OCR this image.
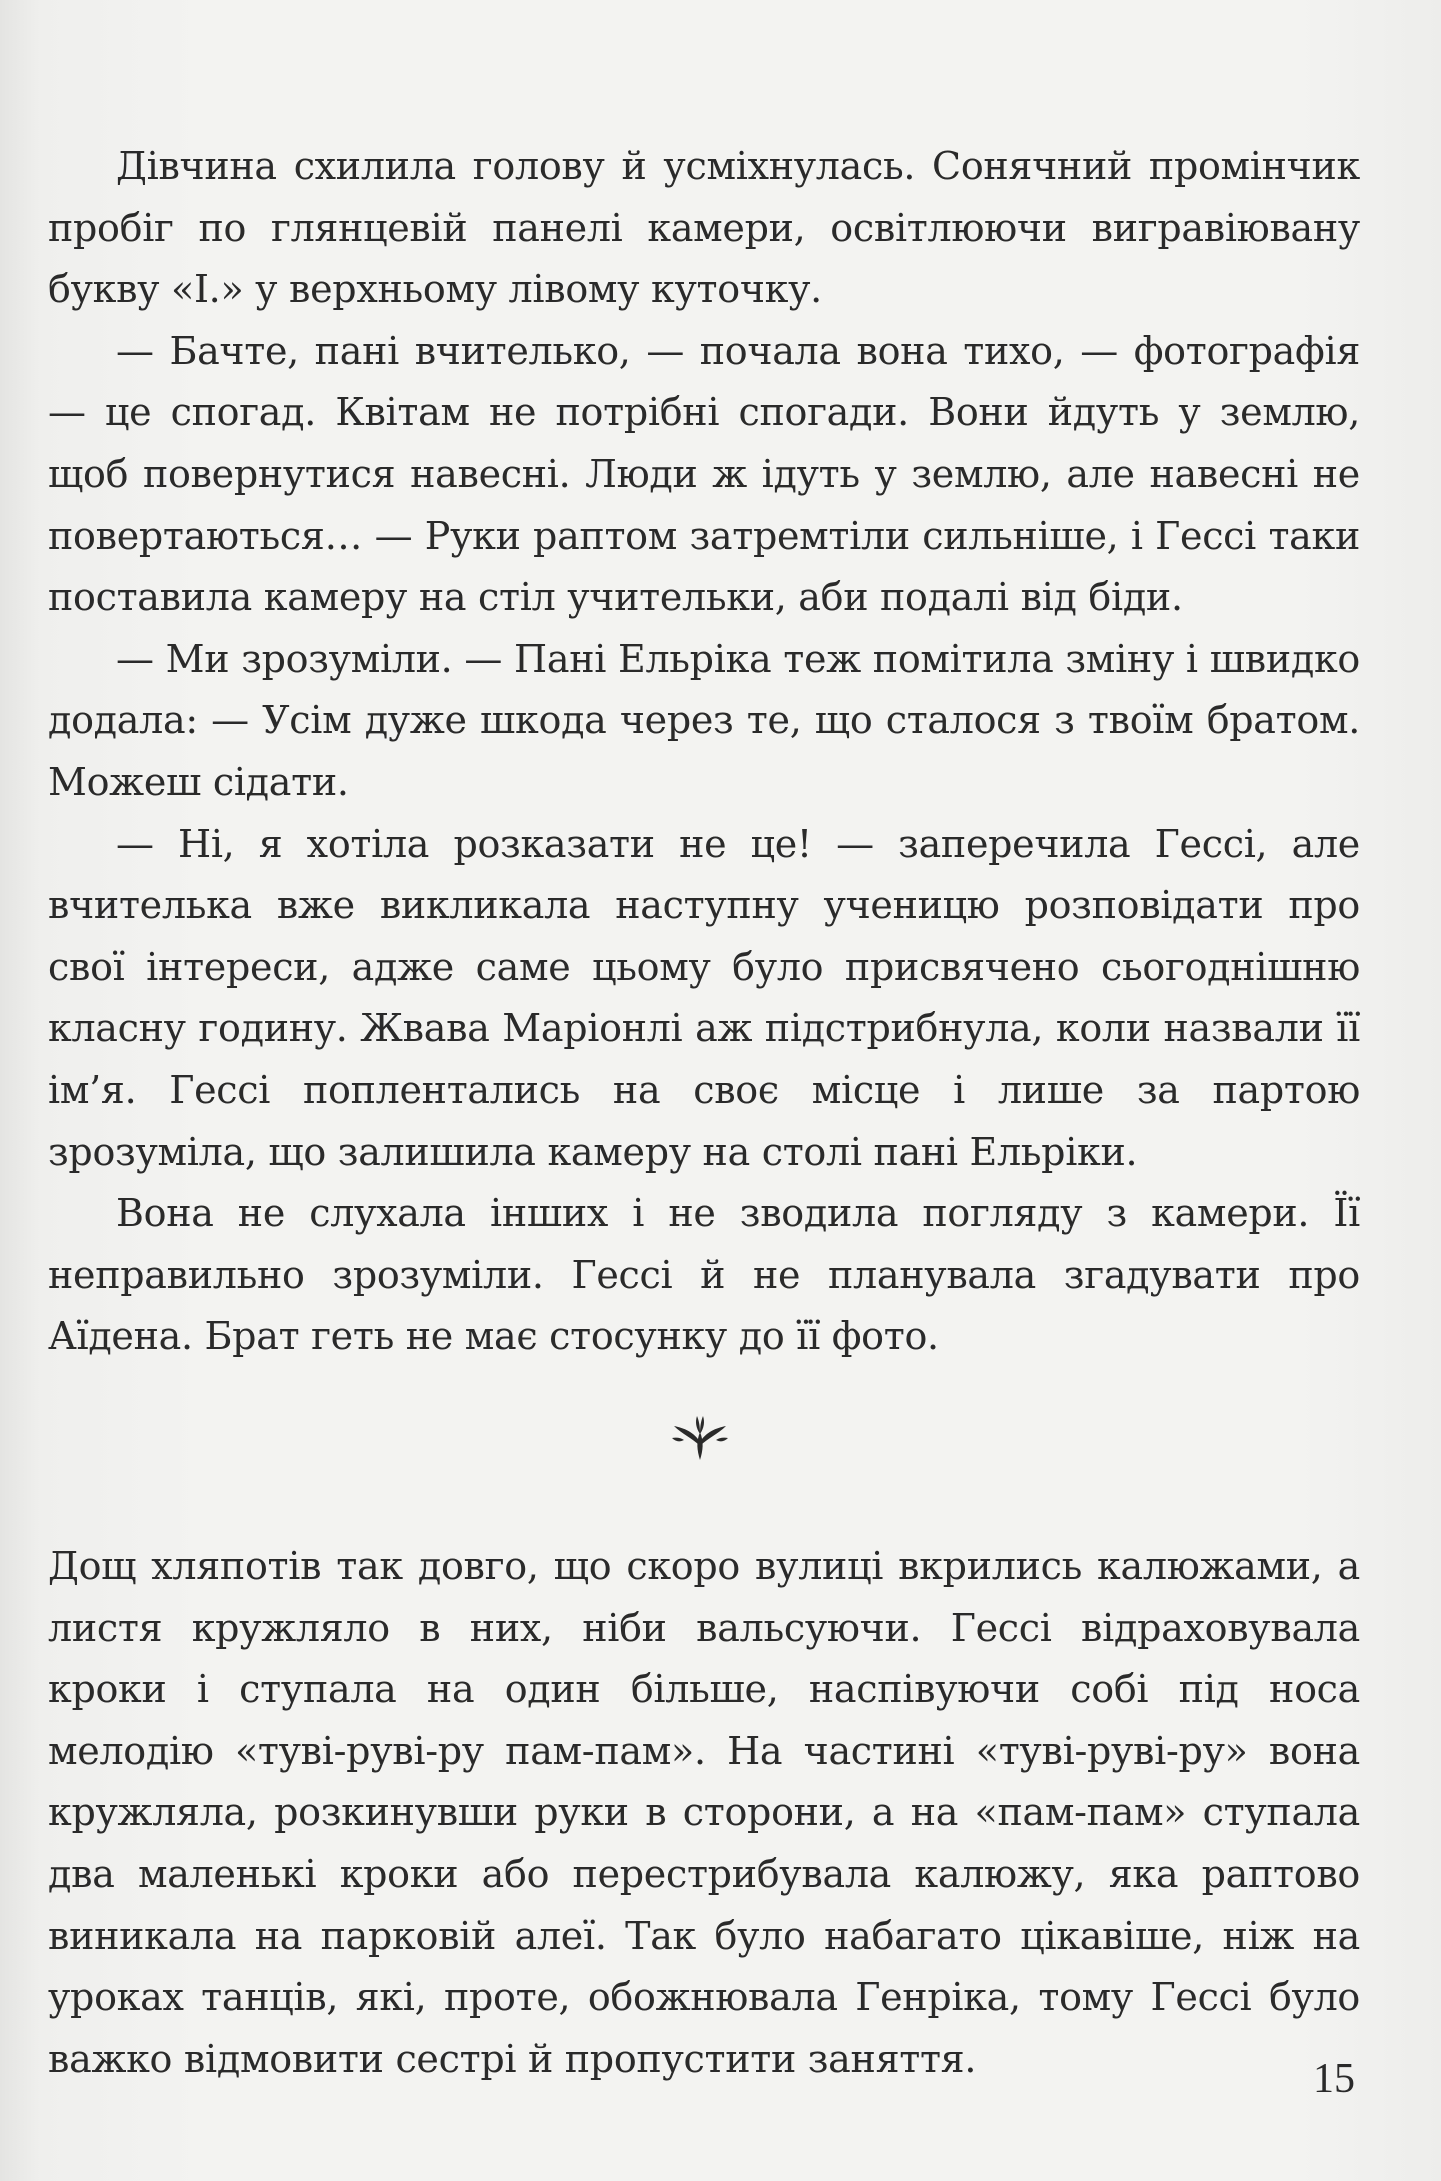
Дівчина схилила голову й усміхнулась. Сонячний промінчик пробіг по глянцевій панелі камери, освітлюючи вигравіювану букву «І.» у верхньому лівому куточку.

— Бачте, пані вчителько, — почала вона тихо, — фотографія — це спогад. Квітам не потрібні спогади. Вони йдуть у землю, щоб повернутися навесні. Люди ж ідуть у землю, але навесні не повертаються… — Руки раптом затремтіли сильніше, і Гессі таки поставила камеру на стіл учительки, аби подалі від біди.

— Ми зрозуміли. — Пані Ельріка теж помітила зміну і швидко додала: — Усім дуже шкода через те, що сталося з твоїм братом. Можеш сідати.

— Ні, я хотіла розказати не це! — заперечила Гессі, але вчителька вже викликала наступну ученицю розповідати про свої інтереси, адже саме цьому було присвячено сьогоднішню класну годину. Жвава Маріонлі аж підстрибнула, коли назвали її ім’я. Гессі поплентались на своє місце і лише за партою зрозуміла, що залишила камеру на столі пані Ельріки.

Вона не слухала інших і не зводила погляду з камери. Її неправильно зрозуміли. Гессі й не планувала згадувати про Аїдена. Брат геть не має стосунку до її фото.

Дощ хляпотів так довго, що скоро вулиці вкрились калюжами, а листя кружляло в них, ніби вальсуючи. Гессі відраховувала кроки і ступала на один більше, наспівуючи собі під носа мелодію «туві-руві-ру пам-пам». На частині «туві-руві-ру» вона кружляла, розкинувши руки в сторони, а на «пам-пам» ступала два маленькі кроки або перестрибувала калюжу, яка раптово виникала на парковій алеї. Так було набагато цікавіше, ніж на уроках танців, які, проте, обожнювала Генріка, тому Гессі було важко відмовити сестрі й пропустити заняття.	15
